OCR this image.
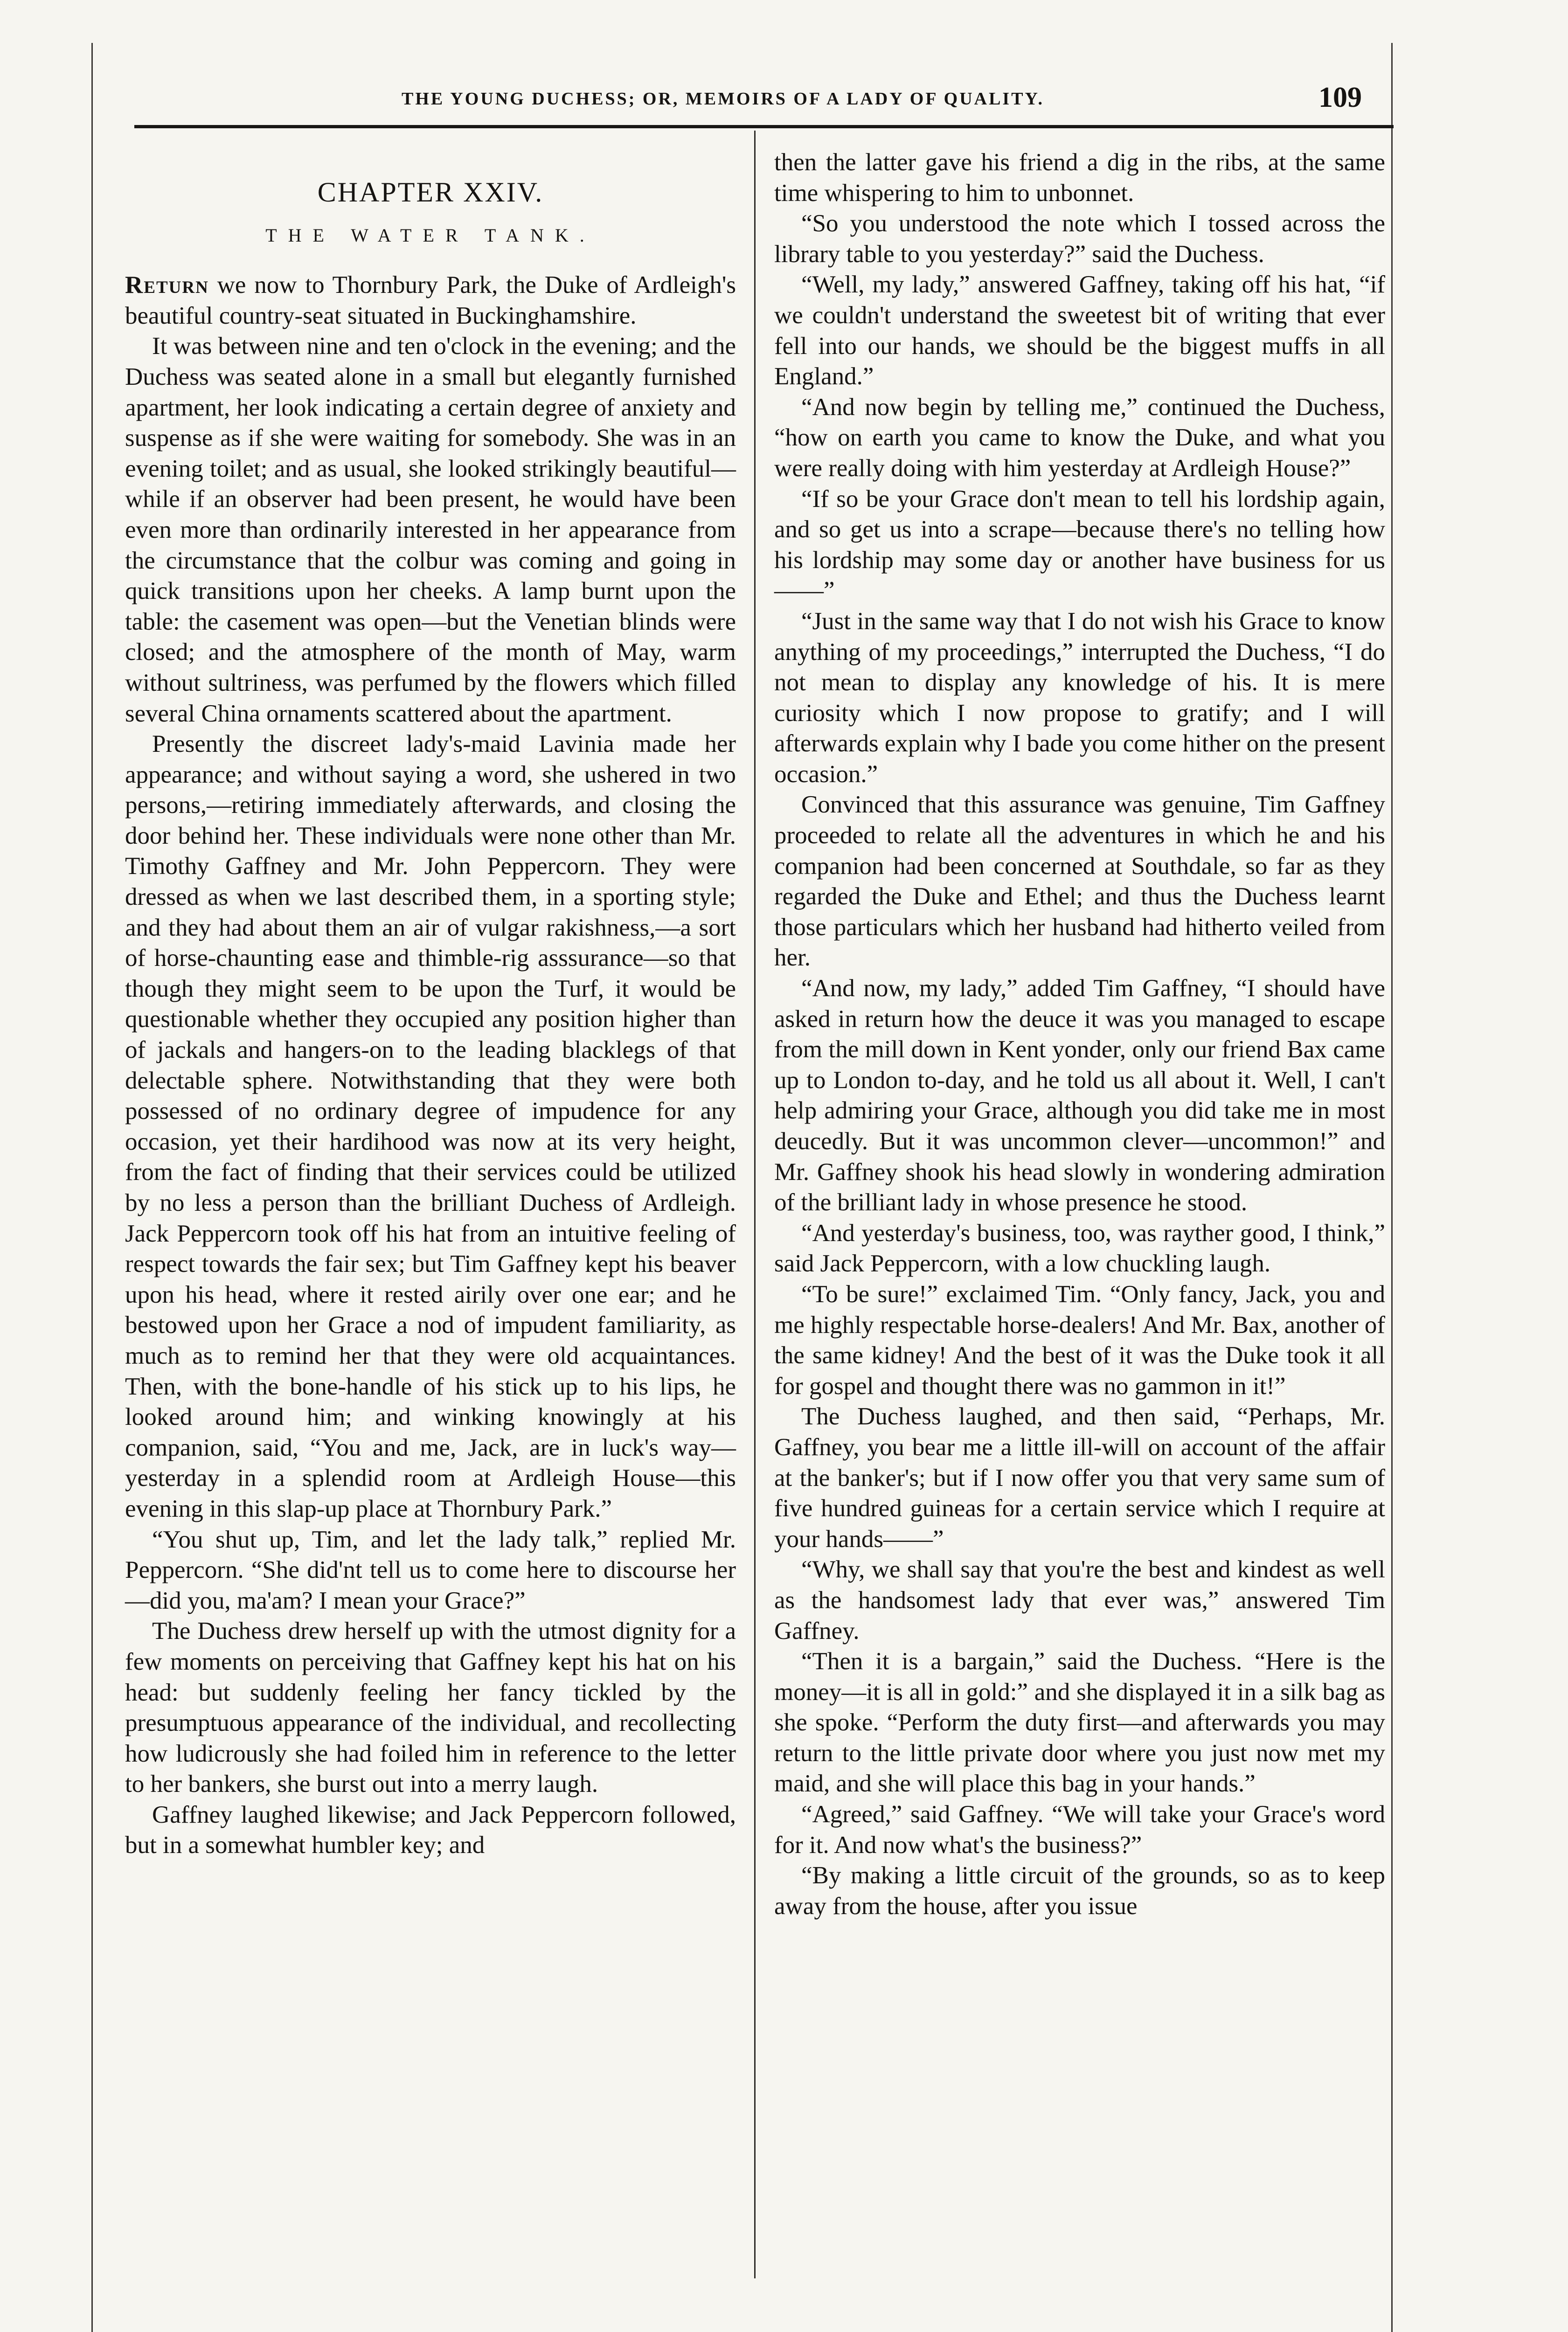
THE YOUNG DUCHESS; OR, MEMOIRS OF A LADY OF QUALITY.	109
CHAPTER XXIV.
THE WATER TANK.

Return we now to Thornbury Park, the Duke of Ardleigh's beautiful country-seat situated in Buckinghamshire.

It was between nine and ten o'clock in the evening; and the Duchess was seated alone in a small but elegantly furnished apartment, her look indicating a certain degree of anxiety and suspense as if she were waiting for somebody. She was in an evening toilet; and as usual, she looked strikingly beautiful—while if an observer had been present, he would have been even more than ordinarily interested in her appearance from the circumstance that the colbur was coming and going in quick transitions upon her cheeks. A lamp burnt upon the table: the casement was open—but the Venetian blinds were closed; and the atmosphere of the month of May, warm without sultriness, was perfumed by the flowers which filled several China ornaments scattered about the apartment.

Presently the discreet lady's-maid Lavinia made her appearance; and without saying a word, she ushered in two persons,—retiring immediately afterwards, and closing the door behind her. These individuals were none other than Mr. Timothy Gaffney and Mr. John Peppercorn. They were dressed as when we last described them, in a sporting style; and they had about them an air of vulgar rakishness,—a sort of horse-chaunting ease and thimble-rig asssurance—so that though they might seem to be upon the Turf, it would be questionable whether they occupied any position higher than of jackals and hangers-on to the leading blacklegs of that delectable sphere. Notwithstanding that they were both possessed of no ordinary degree of impudence for any occasion, yet their hardihood was now at its very height, from the fact of finding that their services could be utilized by no less a person than the brilliant Duchess of Ardleigh. Jack Peppercorn took off his hat from an intuitive feeling of respect towards the fair sex; but Tim Gaffney kept his beaver upon his head, where it rested airily over one ear; and he bestowed upon her Grace a nod of impudent familiarity, as much as to remind her that they were old acquaintances. Then, with the bone-handle of his stick up to his lips, he looked around him; and winking knowingly at his companion, said, “You and me, Jack, are in luck's way—yesterday in a splendid room at Ardleigh House—this evening in this slap-up place at Thornbury Park.”

“You shut up, Tim, and let the lady talk,” replied Mr. Peppercorn. “She did'nt tell us to come here to discourse her—did you, ma'am? I mean your Grace?”

The Duchess drew herself up with the utmost dignity for a few moments on perceiving that Gaffney kept his hat on his head: but suddenly feeling her fancy tickled by the presumptuous appearance of the individual, and recollecting how ludicrously she had foiled him in reference to the letter to her bankers, she burst out into a merry laugh.

Gaffney laughed likewise; and Jack Peppercorn followed, but in a somewhat humbler key; and

then the latter gave his friend a dig in the ribs, at the same time whispering to him to unbonnet.

“So you understood the note which I tossed across the library table to you yesterday?” said the Duchess.

“Well, my lady,” answered Gaffney, taking off his hat, “if we couldn't understand the sweetest bit of writing that ever fell into our hands, we should be the biggest muffs in all England.”

“And now begin by telling me,” continued the Duchess, “how on earth you came to know the Duke, and what you were really doing with him yesterday at Ardleigh House?”

“If so be your Grace don't mean to tell his lordship again, and so get us into a scrape—because there's no telling how his lordship may some day or another have business for us——”

“Just in the same way that I do not wish his Grace to know anything of my proceedings,” interrupted the Duchess, “I do not mean to display any knowledge of his. It is mere curiosity which I now propose to gratify; and I will afterwards explain why I bade you come hither on the present occasion.”

Convinced that this assurance was genuine, Tim Gaffney proceeded to relate all the adventures in which he and his companion had been concerned at Southdale, so far as they regarded the Duke and Ethel; and thus the Duchess learnt those particulars which her husband had hitherto veiled from her.

“And now, my lady,” added Tim Gaffney, “I should have asked in return how the deuce it was you managed to escape from the mill down in Kent yonder, only our friend Bax came up to London to-day, and he told us all about it. Well, I can't help admiring your Grace, although you did take me in most deucedly. But it was uncommon clever—uncommon!” and Mr. Gaffney shook his head slowly in wondering admiration of the brilliant lady in whose presence he stood.

“And yesterday's business, too, was rayther good, I think,” said Jack Peppercorn, with a low chuckling laugh.

“To be sure!” exclaimed Tim. “Only fancy, Jack, you and me highly respectable horse-dealers! And Mr. Bax, another of the same kidney! And the best of it was the Duke took it all for gospel and thought there was no gammon in it!”

The Duchess laughed, and then said, “Perhaps, Mr. Gaffney, you bear me a little ill-will on account of the affair at the banker's; but if I now offer you that very same sum of five hundred guineas for a certain service which I require at your hands——”

“Why, we shall say that you're the best and kindest as well as the handsomest lady that ever was,” answered Tim Gaffney.

“Then it is a bargain,” said the Duchess. “Here is the money—it is all in gold:” and she displayed it in a silk bag as she spoke. “Perform the duty first—and afterwards you may return to the little private door where you just now met my maid, and she will place this bag in your hands.”

“Agreed,” said Gaffney. “We will take your Grace's word for it. And now what's the business?”

“By making a little circuit of the grounds, so as to keep away from the house, after you issue
